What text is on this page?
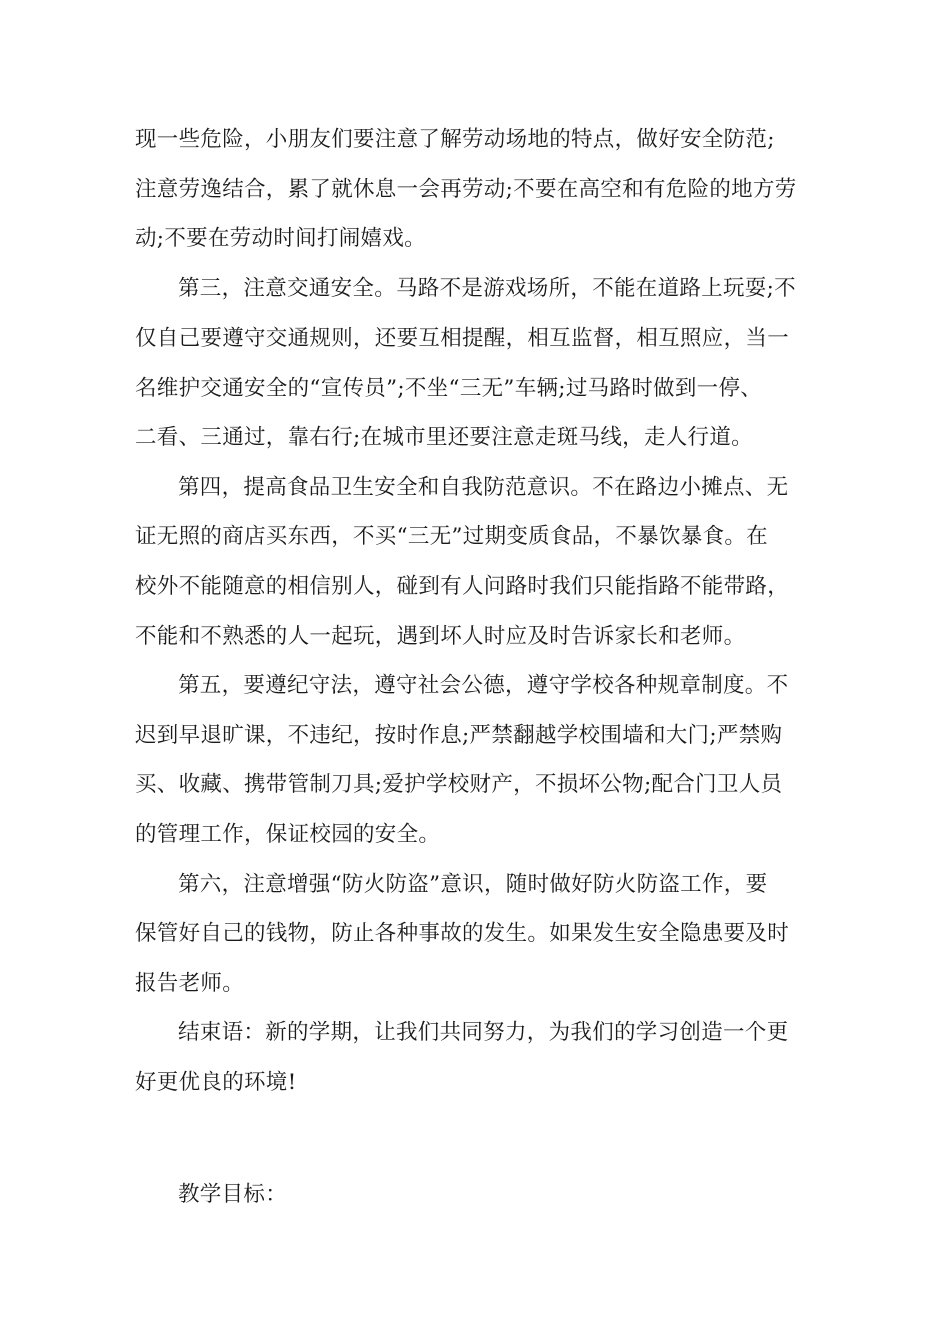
现一些危险，小朋友们要注意了解劳动场地的特点，做好安全防范;
注意劳逸结合，累了就休息一会再劳动;不要在高空和有危险的地方劳
动;不要在劳动时间打闹嬉戏。
第三，注意交通安全。马路不是游戏场所，不能在道路上玩耍;不
仅自己要遵守交通规则，还要互相提醒，相互监督，相互照应，当一
名维护交通安全的“宣传员”;不坐“三无”车辆;过马路时做到一停、
二看、三通过，靠右行;在城市里还要注意走斑马线，走人行道。
第四，提高食品卫生安全和自我防范意识。不在路边小摊点、无
证无照的商店买东西，不买“三无”过期变质食品，不暴饮暴食。在
校外不能随意的相信别人，碰到有人问路时我们只能指路不能带路，
不能和不熟悉的人一起玩，遇到坏人时应及时告诉家长和老师。
第五，要遵纪守法，遵守社会公德，遵守学校各种规章制度。不
迟到早退旷课，不违纪，按时作息;严禁翻越学校围墙和大门;严禁购
买、收藏、携带管制刀具;爱护学校财产，不损坏公物;配合门卫人员
的管理工作，保证校园的安全。
第六，注意增强“防火防盗”意识，随时做好防火防盗工作，要
保管好自己的钱物，防止各种事故的发生。如果发生安全隐患要及时
报告老师。
结束语：新的学期，让我们共同努力，为我们的学习创造一个更
好更优良的环境!
教学目标：
